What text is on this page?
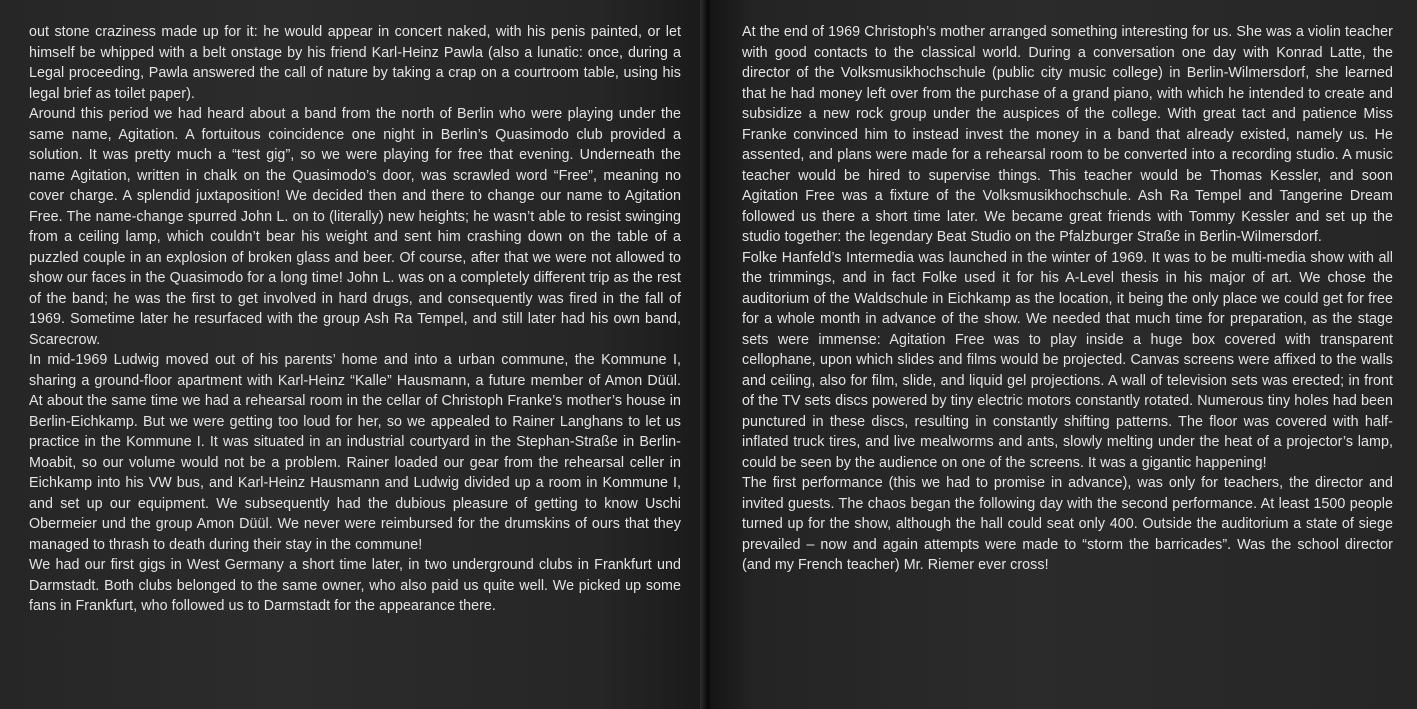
out stone craziness made up for it: he would appear in concert naked, with his penis painted, or let himself be whipped with a belt onstage by his friend Karl-Heinz Pawla (also a lunatic: once, during a Legal proceeding, Pawla answered the call of nature by taking a crap on a courtroom table, using his legal brief as toilet paper).

Around this period we had heard about a band from the north of Berlin who were playing under the same name, Agitation. A fortuitous coincidence one night in Berlin’s Quasimodo club provided a solution. It was pretty much a “test gig”, so we were playing for free that evening. Underneath the name Agitation, written in chalk on the Quasimodo’s door, was scrawled word “Free”, meaning no cover charge. A splendid juxtaposition! We decided then and there to change our name to Agitation Free. The name-change spurred John L. on to (literally) new heights; he wasn’t able to resist swinging from a ceiling lamp, which couldn’t bear his weight and sent him crashing down on the table of a puzzled couple in an explosion of broken glass and beer. Of course, after that we were not allowed to show our faces in the Quasimodo for a long time! John L. was on a completely different trip as the rest of the band; he was the first to get involved in hard drugs, and consequently was fired in the fall of 1969. Sometime later he resurfaced with the group Ash Ra Tempel, and still later had his own band, Scarecrow.

In mid-1969 Ludwig moved out of his parents’ home and into a urban commune, the Kommune I, sharing a ground-floor apartment with Karl-Heinz “Kalle” Hausmann, a future member of Amon Düül. At about the same time we had a rehearsal room in the cellar of Christoph Franke’s mother’s house in Berlin-Eichkamp. But we were getting too loud for her, so we appealed to Rainer Langhans to let us practice in the Kommune I. It was situated in an industrial courtyard in the Stephan-Straße in Berlin-Moabit, so our volume would not be a problem. Rainer loaded our gear from the rehearsal celler in Eichkamp into his VW bus, and Karl-Heinz Hausmann and Ludwig divided up a room in Kommune I, and set up our equipment. We subsequently had the dubious pleasure of getting to know Uschi Obermeier und the group Amon Düül. We never were reimbursed for the drumskins of ours that they managed to thrash to death during their stay in the commune!

We had our first gigs in West Germany a short time later, in two underground clubs in Frankfurt und Darmstadt. Both clubs belonged to the same owner, who also paid us quite well. We picked up some fans in Frankfurt, who followed us to Darmstadt for the appearance there.

At the end of 1969 Christoph’s mother arranged something interesting for us. She was a violin teacher with good contacts to the classical world. During a conversation one day with Konrad Latte, the director of the Volksmusikhochschule (public city music college) in Berlin-Wilmersdorf, she learned that he had money left over from the purchase of a grand piano, with which he intended to create and subsidize a new rock group under the auspices of the college. With great tact and patience Miss Franke convinced him to instead invest the money in a band that already existed, namely us. He assented, and plans were made for a rehearsal room to be converted into a recording studio. A music teacher would be hired to supervise things. This teacher would be Thomas Kessler, and soon Agitation Free was a fixture of the Volksmusikhochschule. Ash Ra Tempel and Tangerine Dream followed us there a short time later. We became great friends with Tommy Kessler and set up the studio together: the legendary Beat Studio on the Pfalzburger Straße in Berlin-Wilmersdorf.

Folke Hanfeld’s Intermedia was launched in the winter of 1969. It was to be multi-media show with all the trimmings, and in fact Folke used it for his A-Level thesis in his major of art. We chose the auditorium of the Waldschule in Eichkamp as the location, it being the only place we could get for free for a whole month in advance of the show. We needed that much time for preparation, as the stage sets were immense: Agitation Free was to play inside a huge box covered with transparent cellophane, upon which slides and films would be projected. Canvas screens were affixed to the walls and ceiling, also for film, slide, and liquid gel projections. A wall of television sets was erected; in front of the TV sets discs powered by tiny electric motors constantly rotated. Numerous tiny holes had been punctured in these discs, resulting in constantly shifting patterns. The floor was covered with half-inflated truck tires, and live mealworms and ants, slowly melting under the heat of a projector’s lamp, could be seen by the audience on one of the screens. It was a gigantic happening!

The first performance (this we had to promise in advance), was only for teachers, the director and invited guests. The chaos began the following day with the second performance. At least 1500 people turned up for the show, although the hall could seat only 400. Outside the auditorium a state of siege prevailed – now and again attempts were made to “storm the barricades”. Was the school director (and my French teacher) Mr. Riemer ever cross!
